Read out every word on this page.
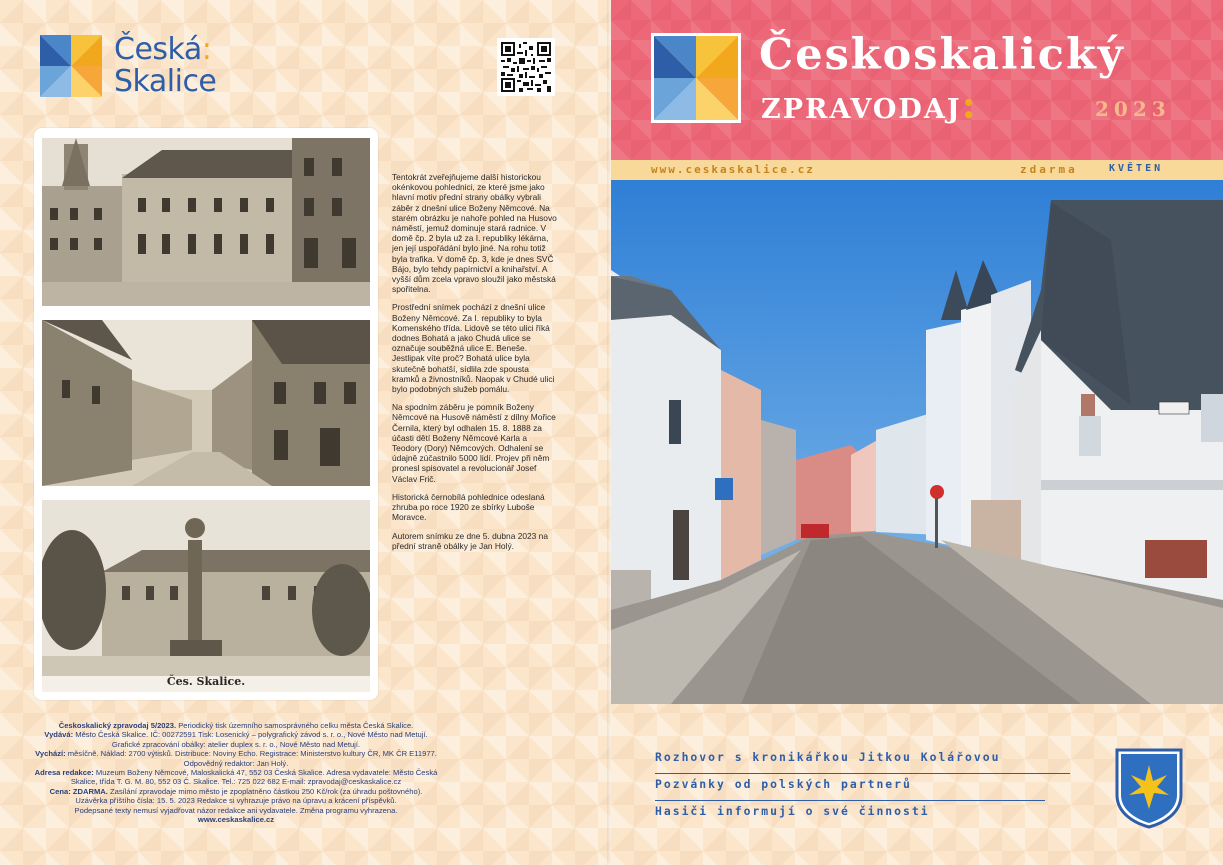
Česká:
Skalice
Čes. Skalice.

Tentokrát zveřejňujeme další historickou okénkovou pohlednici, ze které jsme jako hlavní motiv přední strany obálky vybrali záběr z dnešní ulice Boženy Němcové. Na starém obrázku je nahoře pohled na Husovo náměstí, jemuž dominuje stará radnice. V domě čp. 2 byla už za I. republiky lékárna, jen její uspořádání bylo jiné. Na rohu totiž byla trafika. V domě čp. 3, kde je dnes SVČ Bájo, bylo tehdy papírnictví a knihařství. A vyšší dům zcela vpravo sloužil jako městská spořitelna.

Prostřední snímek pochází z dnešní ulice Boženy Němcové. Za I. republiky to byla Komenského třída. Lidově se této ulici říká dodnes Bohatá a jako Chudá ulice se označuje souběžná ulice E. Beneše. Jestlipak víte proč? Bohatá ulice byla skutečně bohatší, sídlila zde spousta kramků a živnostníků. Naopak v Chudé ulici bylo podobných služeb pomálu.

Na spodním záběru je pomník Boženy Němcové na Husově náměstí z dílny Mořice Černila, který byl odhalen 15. 8. 1888 za účasti dětí Boženy Němcové Karla a Teodory (Dory) Němcových. Odhalení se údajně zúčastnilo 5000 lidí. Projev při něm pronesl spisovatel a revolucionář Josef Václav Frič.

Historická černobílá pohlednice odeslaná zhruba po roce 1920 ze sbírky Luboše Moravce.

Autorem snímku ze dne 5. dubna 2023 na přední straně obálky je Jan Holý.

Českoskalický zpravodaj 5/2023. Periodický tisk územního samosprávného celku města Česká Skalice.

Vydává: Město Česká Skalice. IČ: 00272591 Tisk: Losenický – polygrafický závod s. r. o., Nové Město nad Metují. Grafické zpracování obálky: atelier duplex s. r. o., Nové Město nad Metují.

Vychází: měsíčně. Náklad: 2700 výtisků. Distribuce: Noviny Echo. Registrace: Ministerstvo kultury ČR, MK ČR E11977. Odpovědný redaktor: Jan Holý.

Adresa redakce: Muzeum Boženy Němcové, Maloskalická 47, 552 03 Česká Skalice. Adresa vydavatele: Město Česká Skalice, třída T. G. M. 80, 552 03 Č. Skalice. Tel.: 725 022 682 E-mail: zpravodaj@ceskaskalice.cz

Cena: ZDARMA. Zasílání zpravodaje mimo město je zpoplatněno částkou 250 Kč/rok (za úhradu poštovného). Uzávěrka příštího čísla: 15. 5. 2023 Redakce si vyhrazuje právo na úpravu a krácení příspěvků.

Podepsané texty nemusí vyjadřovat názor redakce ani vydavatele. Změna programu vyhrazena.

www.ceskaskalice.cz

Českoskalický
zpravodaj:	2023
www.ceskaskalice.cz	zdarma	KVĚTEN
Rozhovor s kronikářkou Jitkou Kolářovou
Pozvánky od polských partnerů
Hasiči informují o své činnosti
